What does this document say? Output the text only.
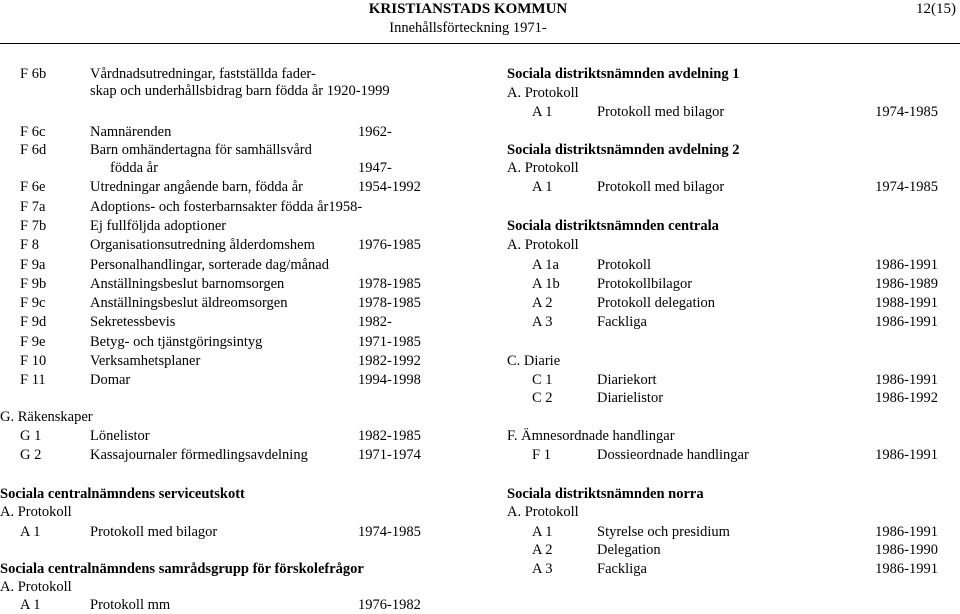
KRISTIANSTADS KOMMUN
Innehållsförteckning 1971-
12(15)
F 6b	Vårdnadsutredningar, fastställda fader-
skap och underhållsbidrag barn födda år 1920-1999
F 6c	Namnärenden	1962-
F 6d	Barn omhändertagna för samhällsvård
födda år	1947-
F 6e	Utredningar angående barn, födda år	1954-1992
F 7a	Adoptions- och fosterbarnsakter födda år1958-
F 7b	Ej fullföljda adoptioner
F 8	Organisationsutredning ålderdomshem	1976-1985
F 9a	Personalhandlingar, sorterade dag/månad
F 9b	Anställningsbeslut barnomsorgen	1978-1985
F 9c	Anställningsbeslut äldreomsorgen	1978-1985
F 9d	Sekretessbevis	1982-
F 9e	Betyg- och tjänstgöringsintyg	1971-1985
F 10	Verksamhetsplaner	1982-1992
F 11	Domar	1994-1998
G. Räkenskaper
G 1	Lönelistor	1982-1985
G 2	Kassajournaler förmedlingsavdelning	1971-1974
Sociala centralnämndens serviceutskott
A. Protokoll
A 1	Protokoll med bilagor	1974-1985
Sociala centralnämndens samrådsgrupp för förskolefrågor
A. Protokoll
A 1	Protokoll mm	1976-1982
Sociala distriktsnämnden avdelning 1
A. Protokoll
A 1	Protokoll med bilagor	1974-1985
Sociala distriktsnämnden avdelning 2
A. Protokoll
A 1	Protokoll med bilagor	1974-1985
Sociala distriktsnämnden centrala
A. Protokoll
A 1a	Protokoll	1986-1991
A 1b	Protokollbilagor	1986-1989
A 2	Protokoll delegation	1988-1991
A 3	Fackliga	1986-1991
C. Diarie
C 1	Diariekort	1986-1991
C 2	Diarielistor	1986-1992
F. Ämnesordnade handlingar
F 1	Dossieordnade handlingar	1986-1991
Sociala distriktsnämnden norra
A. Protokoll
A 1	Styrelse och presidium	1986-1991
A 2	Delegation	1986-1990
A 3	Fackliga	1986-1991
